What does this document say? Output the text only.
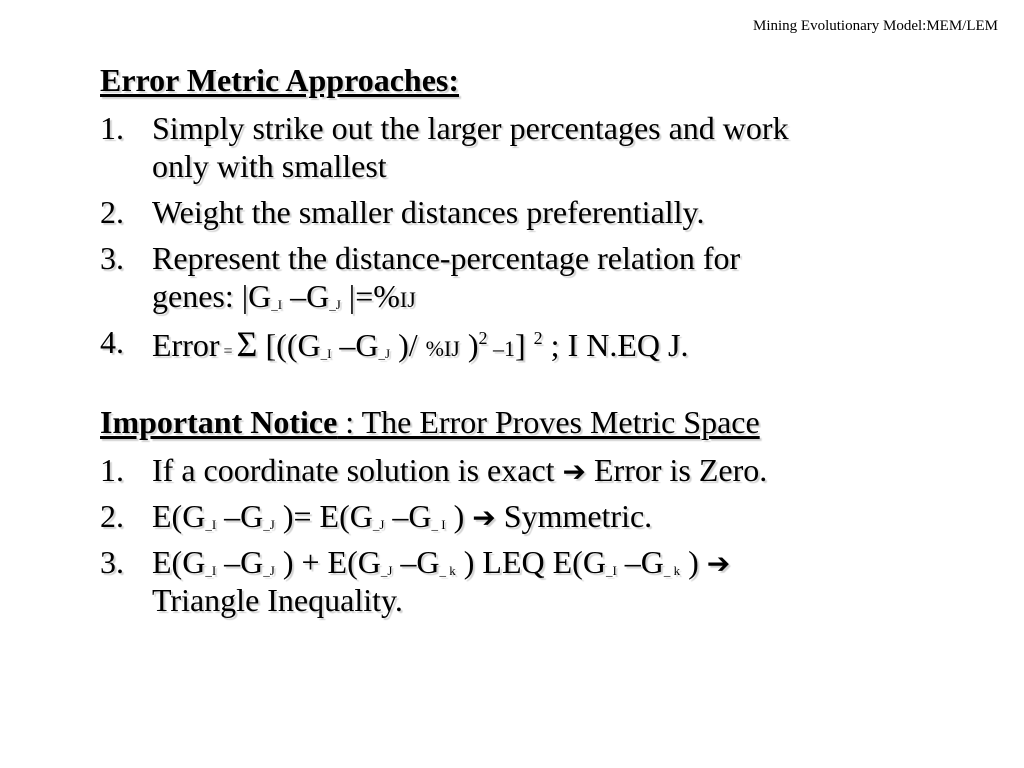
Mining Evolutionary Model:MEM/LEM
Error Metric Approaches:
1. Simply strike out the larger percentages and work
only with smallest
2. Weight the smaller distances preferentially.
3. Represent the distance-percentage relation for
genes: |G_I –G_J |=%IJ
4. Error = Σ [((G_I –G_J )/ %IJ )$^2$ –1] $^2$ ; I N.EQ J.
Important Notice : The Error Proves Metric Space
1. If a coordinate solution is exact ➔ Error is Zero.
2. E(G_I –G_J )= E(G_J –G_ I ) ➔ Symmetric.
3. E(G_I –G_J ) + E(G_J –G_ k ) LEQ E(G_I –G_ k ) ➔
Triangle Inequality.
